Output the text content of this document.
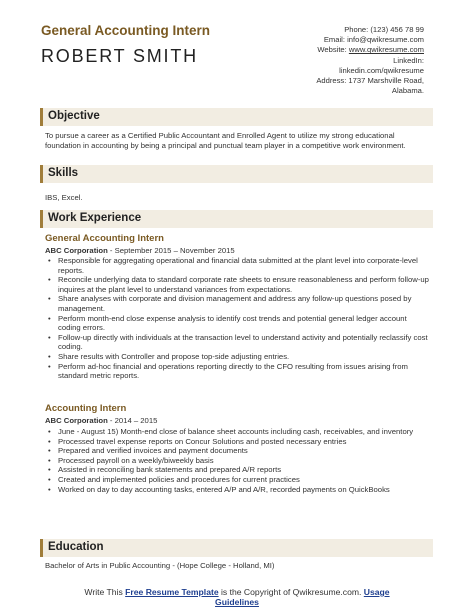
General Accounting Intern
ROBERT SMITH
Phone: (123) 456 78 99
Email: info@qwikresume.com
Website: www.qwikresume.com
LinkedIn:
linkedin.com/qwikresume
Address: 1737 Marshville Road,
Alabama.
Objective
To pursue a career as a Certified Public Accountant and Enrolled Agent to utilize my strong educational foundation in accounting by being a principal and punctual team player in a competitive work environment.
Skills
IBS, Excel.
Work Experience
General Accounting Intern
ABC Corporation - September 2015 – November 2015
• Responsible for aggregating operational and financial data submitted at the plant level into corporate-level reports.
• Reconcile underlying data to standard corporate rate sheets to ensure reasonableness and perform follow-up inquires at the plant level to understand variances from expectations.
• Share analyses with corporate and division management and address any follow-up questions posed by management.
• Perform month-end close expense analysis to identify cost trends and potential general ledger account coding errors.
• Follow-up directly with individuals at the transaction level to understand activity and potentially reclassify cost coding.
• Share results with Controller and propose top-side adjusting entries.
• Perform ad-hoc financial and operations reporting directly to the CFO resulting from issues arising from standard metric reports.
Accounting Intern
ABC Corporation - 2014 – 2015
• June - August 15) Month-end close of balance sheet accounts including cash, receivables, and inventory
• Processed travel expense reports on Concur Solutions and posted necessary entries
• Prepared and verified invoices and payment documents
• Processed payroll on a weekly/biweekly basis
• Assisted in reconciling bank statements and prepared A/R reports
• Created and implemented policies and procedures for current practices
• Worked on day to day accounting tasks, entered A/P and A/R, recorded payments on QuickBooks
Education
Bachelor of Arts in Public Accounting - (Hope College - Holland, MI)
Write This Free Resume Template is the Copyright of Qwikresume.com. Usage
Guidelines
